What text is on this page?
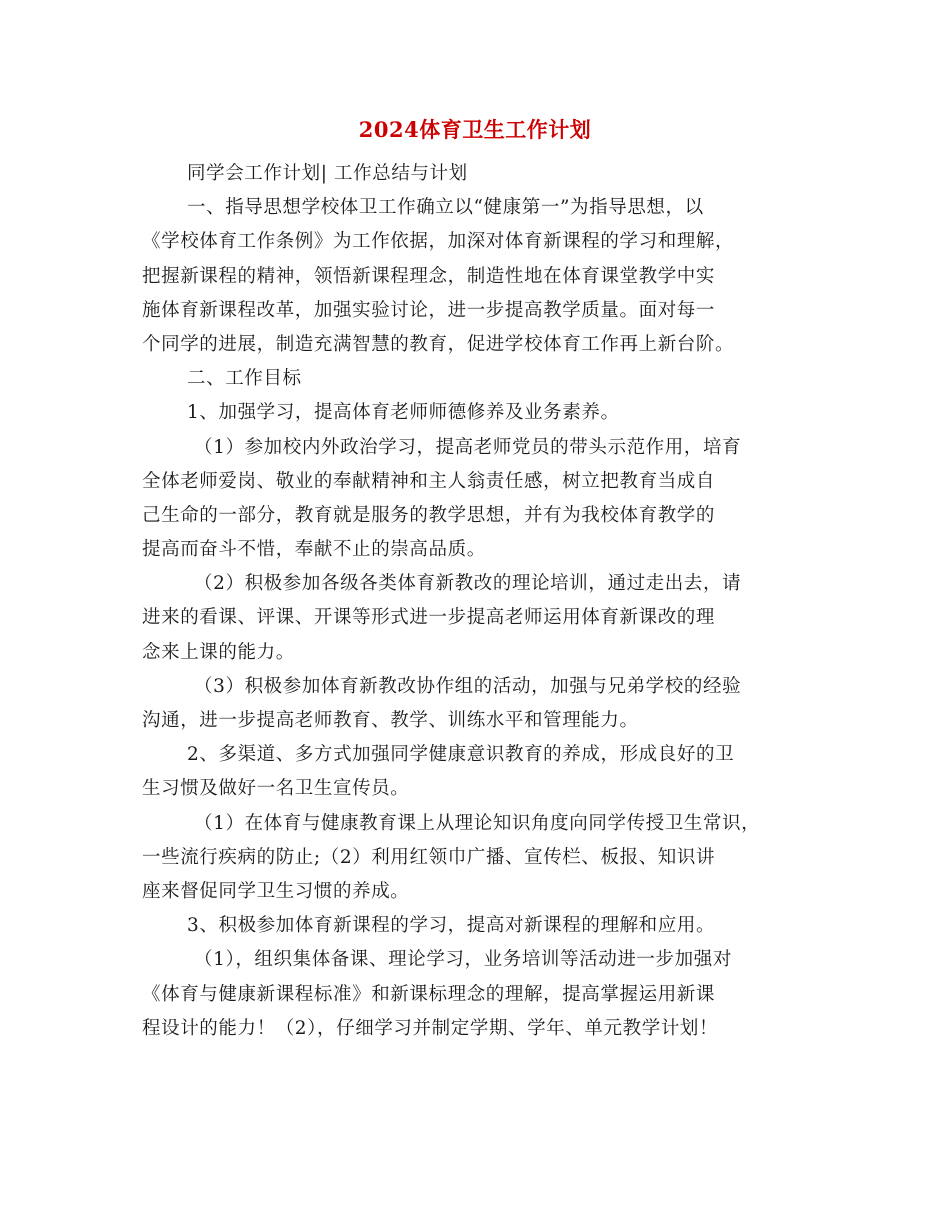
2024体育卫生工作计划
同学会工作计划| 工作总结与计划
一、指导思想学校体卫工作确立以“健康第一”为指导思想，以
《学校体育工作条例》为工作依据，加深对体育新课程的学习和理解，
把握新课程的精神，领悟新课程理念，制造性地在体育课堂教学中实
施体育新课程改革，加强实验讨论，进一步提高教学质量。面对每一
个同学的进展，制造充满智慧的教育，促进学校体育工作再上新台阶。
二、工作目标
1、加强学习，提高体育老师师德修养及业务素养。
（1）参加校内外政治学习，提高老师党员的带头示范作用，培育
全体老师爱岗、敬业的奉献精神和主人翁责任感，树立把教育当成自
己生命的一部分，教育就是服务的教学思想，并有为我校体育教学的
提高而奋斗不惜，奉献不止的崇高品质。
（2）积极参加各级各类体育新教改的理论培训，通过走出去，请
进来的看课、评课、开课等形式进一步提高老师运用体育新课改的理
念来上课的能力。
（3）积极参加体育新教改协作组的活动，加强与兄弟学校的经验
沟通，进一步提高老师教育、教学、训练水平和管理能力。
2、多渠道、多方式加强同学健康意识教育的养成，形成良好的卫
生习惯及做好一名卫生宣传员。
（1）在体育与健康教育课上从理论知识角度向同学传授卫生常识，
一些流行疾病的防止;（2）利用红领巾广播、宣传栏、板报、知识讲
座来督促同学卫生习惯的养成。
3、积极参加体育新课程的学习，提高对新课程的理解和应用。
（1），组织集体备课、理论学习，业务培训等活动进一步加强对
《体育与健康新课程标准》和新课标理念的理解，提高掌握运用新课
程设计的能力！（2），仔细学习并制定学期、学年、单元教学计划！
